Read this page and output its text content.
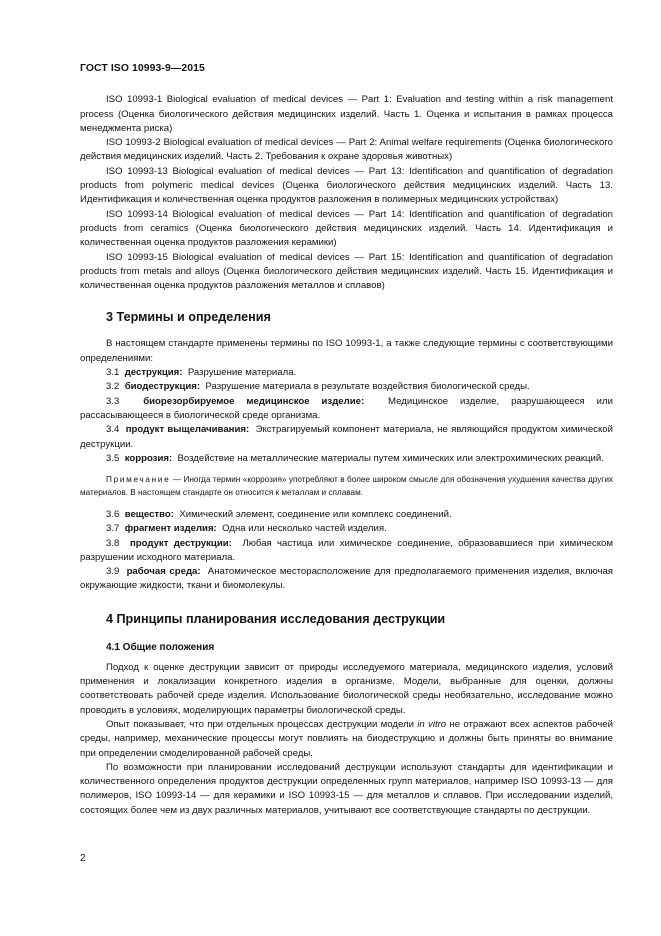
ГОСТ ISO 10993-9—2015

ISO 10993-1 Biological evaluation of medical devices — Part 1: Evaluation and testing within a risk management process (Оценка биологического действия медицинских изделий. Часть 1. Оценка и испытания в рамках процесса менеджмента риска)

ISO 10993-2 Biological evaluation of medical devices — Part 2: Animal welfare requirements (Оценка биологического действия медицинских изделий. Часть 2. Требования к охране здоровья животных)

ISO 10993-13 Biological evaluation of medical devices — Part 13: Identification and quantification of degradation products from polymeric medical devices (Оценка биологического действия медицинских изделий. Часть 13. Идентификация и количественная оценка продуктов разложения в полимерных медицинских устройствах)

ISO 10993-14 Biological evaluation of medical devices — Part 14: Identification and quantification of degradation products from ceramics (Оценка биологического действия медицинских изделий. Часть 14. Идентификация и количественная оценка продуктов разложения керамики)

ISO 10993-15 Biological evaluation of medical devices — Part 15: Identification and quantification of degradation products from metals and alloys (Оценка биологического действия медицинских изделий. Часть 15. Идентификация и количественная оценка продуктов разложения металлов и сплавов)

3 Термины и определения

В настоящем стандарте применены термины по ISO 10993-1, а также следующие термины с соответствующими определениями:

3.1 деструкция: Разрушение материала.

3.2 биодеструкция: Разрушение материала в результате воздействия биологической среды.

3.3 биорезорбируемое медицинское изделие: Медицинское изделие, разрушающееся или рассасывающееся в биологической среде организма.

3.4 продукт выщелачивания: Экстрагируемый компонент материала, не являющийся продуктом химической деструкции.

3.5 коррозия: Воздействие на металлические материалы путем химических или электрохимических реакций.

Примечание — Иногда термин «коррозия» употребляют в более широком смысле для обозначения ухудшения качества других материалов. В настоящем стандарте он относится к металлам и сплавам.

3.6 вещество: Химический элемент, соединение или комплекс соединений.

3.7 фрагмент изделия: Одна или несколько частей изделия.

3.8 продукт деструкции: Любая частица или химическое соединение, образовавшиеся при химическом разрушении исходного материала.

3.9 рабочая среда: Анатомическое месторасположение для предполагаемого применения изделия, включая окружающие жидкости, ткани и биомолекулы.

4 Принципы планирования исследования деструкции
4.1 Общие положения

Подход к оценке деструкции зависит от природы исследуемого материала, медицинского изделия, условий применения и локализации конкретного изделия в организме. Модели, выбранные для оценки, должны соответствовать рабочей среде изделия. Использование биологической среды необязательно, исследование можно проводить в условиях, моделирующих параметры биологической среды.

Опыт показывает, что при отдельных процессах деструкции модели in vitro не отражают всех аспектов рабочей среды, например, механические процессы могут повлиять на биодеструкцию и должны быть приняты во внимание при определении смоделированной рабочей среды.

По возможности при планировании исследований деструкции используют стандарты для идентификации и количественного определения продуктов деструкции определенных групп материалов, например ISO 10993-13 — для полимеров, ISO 10993-14 — для керамики и ISO 10993-15 — для металлов и сплавов. При исследовании изделий, состоящих более чем из двух различных материалов, учитывают все соответствующие стандарты по деструкции.

2
